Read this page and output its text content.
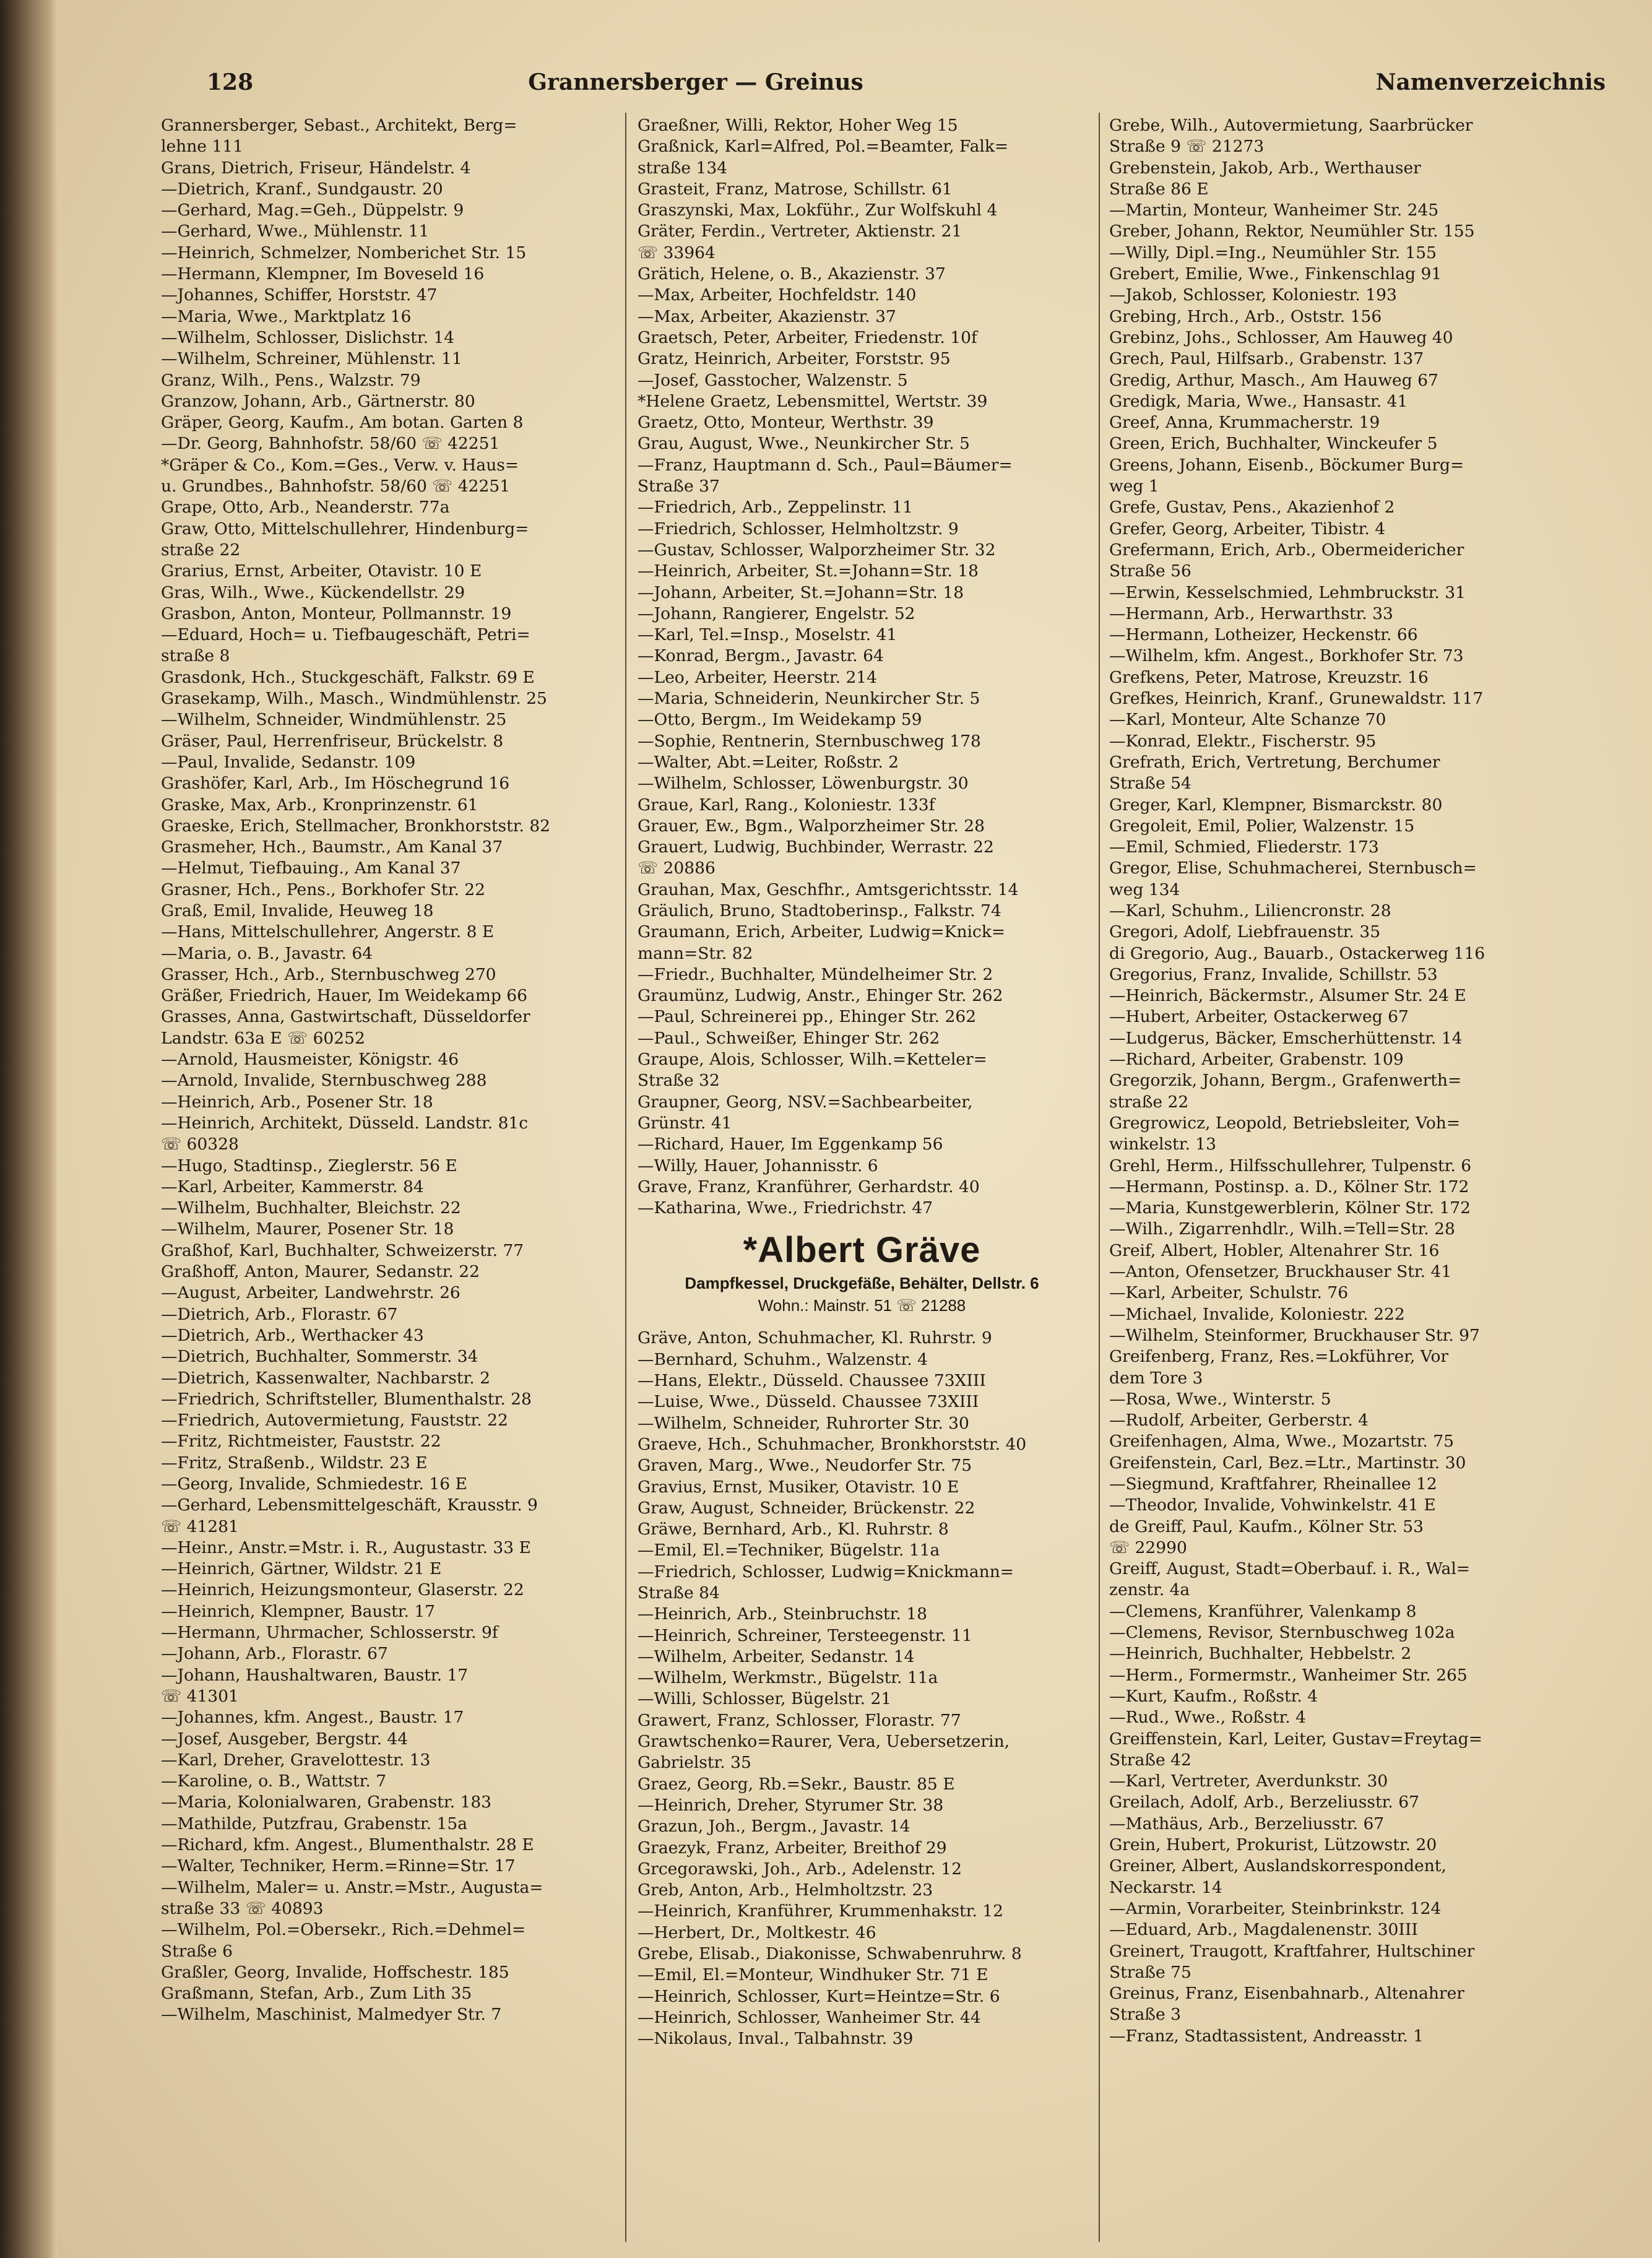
128	Grannersberger — Greinus	Namenverzeichnis
Grannersberger, Sebast., Architekt, Berg=
lehne 111
Grans, Dietrich, Friseur, Händelstr. 4
—Dietrich, Kranf., Sundgaustr. 20
—Gerhard, Mag.=Geh., Düppelstr. 9
—Gerhard, Wwe., Mühlenstr. 11
—Heinrich, Schmelzer, Nomberichet Str. 15
—Hermann, Klempner, Im Boveseld 16
—Johannes, Schiffer, Horststr. 47
—Maria, Wwe., Marktplatz 16
—Wilhelm, Schlosser, Dislichstr. 14
—Wilhelm, Schreiner, Mühlenstr. 11
Granz, Wilh., Pens., Walzstr. 79
Granzow, Johann, Arb., Gärtnerstr. 80
Gräper, Georg, Kaufm., Am botan. Garten 8
—Dr. Georg, Bahnhofstr. 58/60 ☏ 42251
*Gräper & Co., Kom.=Ges., Verw. v. Haus=
u. Grundbes., Bahnhofstr. 58/60 ☏ 42251
Grape, Otto, Arb., Neanderstr. 77a
Graw, Otto, Mittelschullehrer, Hindenburg=
straße 22
Grarius, Ernst, Arbeiter, Otavistr. 10 E
Gras, Wilh., Wwe., Kückendellstr. 29
Grasbon, Anton, Monteur, Pollmannstr. 19
—Eduard, Hoch= u. Tiefbaugeschäft, Petri=
straße 8
Grasdonk, Hch., Stuckgeschäft, Falkstr. 69 E
Grasekamp, Wilh., Masch., Windmühlenstr. 25
—Wilhelm, Schneider, Windmühlenstr. 25
Gräser, Paul, Herrenfriseur, Brückelstr. 8
—Paul, Invalide, Sedanstr. 109
Grashöfer, Karl, Arb., Im Höschegrund 16
Graske, Max, Arb., Kronprinzenstr. 61
Graeske, Erich, Stellmacher, Bronkhorststr. 82
Grasmeher, Hch., Baumstr., Am Kanal 37
—Helmut, Tiefbauing., Am Kanal 37
Grasner, Hch., Pens., Borkhofer Str. 22
Graß, Emil, Invalide, Heuweg 18
—Hans, Mittelschullehrer, Angerstr. 8 E
—Maria, o. B., Javastr. 64
Grasser, Hch., Arb., Sternbuschweg 270
Gräßer, Friedrich, Hauer, Im Weidekamp 66
Grasses, Anna, Gastwirtschaft, Düsseldorfer
Landstr. 63a E ☏ 60252
—Arnold, Hausmeister, Königstr. 46
—Arnold, Invalide, Sternbuschweg 288
—Heinrich, Arb., Posener Str. 18
—Heinrich, Architekt, Düsseld. Landstr. 81c
☏ 60328
—Hugo, Stadtinsp., Zieglerstr. 56 E
—Karl, Arbeiter, Kammerstr. 84
—Wilhelm, Buchhalter, Bleichstr. 22
—Wilhelm, Maurer, Posener Str. 18
Graßhof, Karl, Buchhalter, Schweizerstr. 77
Graßhoff, Anton, Maurer, Sedanstr. 22
—August, Arbeiter, Landwehrstr. 26
—Dietrich, Arb., Florastr. 67
—Dietrich, Arb., Werthacker 43
—Dietrich, Buchhalter, Sommerstr. 34
—Dietrich, Kassenwalter, Nachbarstr. 2
—Friedrich, Schriftsteller, Blumenthalstr. 28
—Friedrich, Autovermietung, Fauststr. 22
—Fritz, Richtmeister, Fauststr. 22
—Fritz, Straßenb., Wildstr. 23 E
—Georg, Invalide, Schmiedestr. 16 E
—Gerhard, Lebensmittelgeschäft, Krausstr. 9
☏ 41281
—Heinr., Anstr.=Mstr. i. R., Augustastr. 33 E
—Heinrich, Gärtner, Wildstr. 21 E
—Heinrich, Heizungsmonteur, Glaserstr. 22
—Heinrich, Klempner, Baustr. 17
—Hermann, Uhrmacher, Schlosserstr. 9f
—Johann, Arb., Florastr. 67
—Johann, Haushaltwaren, Baustr. 17
☏ 41301
—Johannes, kfm. Angest., Baustr. 17
—Josef, Ausgeber, Bergstr. 44
—Karl, Dreher, Gravelottestr. 13
—Karoline, o. B., Wattstr. 7
—Maria, Kolonialwaren, Grabenstr. 183
—Mathilde, Putzfrau, Grabenstr. 15a
—Richard, kfm. Angest., Blumenthalstr. 28 E
—Walter, Techniker, Herm.=Rinne=Str. 17
—Wilhelm, Maler= u. Anstr.=Mstr., Augusta=
straße 33 ☏ 40893
—Wilhelm, Pol.=Obersekr., Rich.=Dehmel=
Straße 6
Graßler, Georg, Invalide, Hoffschestr. 185
Graßmann, Stefan, Arb., Zum Lith 35
—Wilhelm, Maschinist, Malmedyer Str. 7
Graeßner, Willi, Rektor, Hoher Weg 15
Graßnick, Karl=Alfred, Pol.=Beamter, Falk=
straße 134
Grasteit, Franz, Matrose, Schillstr. 61
Graszynski, Max, Lokführ., Zur Wolfskuhl 4
Gräter, Ferdin., Vertreter, Aktienstr. 21
☏ 33964
Grätich, Helene, o. B., Akazienstr. 37
—Max, Arbeiter, Hochfeldstr. 140
—Max, Arbeiter, Akazienstr. 37
Graetsch, Peter, Arbeiter, Friedenstr. 10f
Gratz, Heinrich, Arbeiter, Forststr. 95
—Josef, Gasstocher, Walzenstr. 5
*Helene Graetz, Lebensmittel, Wertstr. 39
Graetz, Otto, Monteur, Werthstr. 39
Grau, August, Wwe., Neunkircher Str. 5
—Franz, Hauptmann d. Sch., Paul=Bäumer=
Straße 37
—Friedrich, Arb., Zeppelinstr. 11
—Friedrich, Schlosser, Helmholtzstr. 9
—Gustav, Schlosser, Walporzheimer Str. 32
—Heinrich, Arbeiter, St.=Johann=Str. 18
—Johann, Arbeiter, St.=Johann=Str. 18
—Johann, Rangierer, Engelstr. 52
—Karl, Tel.=Insp., Moselstr. 41
—Konrad, Bergm., Javastr. 64
—Leo, Arbeiter, Heerstr. 214
—Maria, Schneiderin, Neunkircher Str. 5
—Otto, Bergm., Im Weidekamp 59
—Sophie, Rentnerin, Sternbuschweg 178
—Walter, Abt.=Leiter, Roßstr. 2
—Wilhelm, Schlosser, Löwenburgstr. 30
Graue, Karl, Rang., Koloniestr. 133f
Grauer, Ew., Bgm., Walporzheimer Str. 28
Grauert, Ludwig, Buchbinder, Werrastr. 22
☏ 20886
Grauhan, Max, Geschfhr., Amtsgerichtsstr. 14
Gräulich, Bruno, Stadtoberinsp., Falkstr. 74
Graumann, Erich, Arbeiter, Ludwig=Knick=
mann=Str. 82
—Friedr., Buchhalter, Mündelheimer Str. 2
Graumünz, Ludwig, Anstr., Ehinger Str. 262
—Paul, Schreinerei pp., Ehinger Str. 262
—Paul., Schweißer, Ehinger Str. 262
Graupe, Alois, Schlosser, Wilh.=Ketteler=
Straße 32
Graupner, Georg, NSV.=Sachbearbeiter,
Grünstr. 41
—Richard, Hauer, Im Eggenkamp 56
—Willy, Hauer, Johannisstr. 6
Grave, Franz, Kranführer, Gerhardstr. 40
—Katharina, Wwe., Friedrichstr. 47
*Albert Gräve
Dampfkessel, Druckgefäße, Behälter, Dellstr. 6
Wohn.: Mainstr. 51 ☏ 21288
Gräve, Anton, Schuhmacher, Kl. Ruhrstr. 9
—Bernhard, Schuhm., Walzenstr. 4
—Hans, Elektr., Düsseld. Chaussee 73XIII
—Luise, Wwe., Düsseld. Chaussee 73XIII
—Wilhelm, Schneider, Ruhrorter Str. 30
Graeve, Hch., Schuhmacher, Bronkhorststr. 40
Graven, Marg., Wwe., Neudorfer Str. 75
Gravius, Ernst, Musiker, Otavistr. 10 E
Graw, August, Schneider, Brückenstr. 22
Gräwe, Bernhard, Arb., Kl. Ruhrstr. 8
—Emil, El.=Techniker, Bügelstr. 11a
—Friedrich, Schlosser, Ludwig=Knickmann=
Straße 84
—Heinrich, Arb., Steinbruchstr. 18
—Heinrich, Schreiner, Tersteegenstr. 11
—Wilhelm, Arbeiter, Sedanstr. 14
—Wilhelm, Werkmstr., Bügelstr. 11a
—Willi, Schlosser, Bügelstr. 21
Grawert, Franz, Schlosser, Florastr. 77
Grawtschenko=Raurer, Vera, Uebersetzerin,
Gabrielstr. 35
Graez, Georg, Rb.=Sekr., Baustr. 85 E
—Heinrich, Dreher, Styrumer Str. 38
Grazun, Joh., Bergm., Javastr. 14
Graezyk, Franz, Arbeiter, Breithof 29
Grcegorawski, Joh., Arb., Adelenstr. 12
Greb, Anton, Arb., Helmholtzstr. 23
—Heinrich, Kranführer, Krummenhakstr. 12
—Herbert, Dr., Moltkestr. 46
Grebe, Elisab., Diakonisse, Schwabenruhrw. 8
—Emil, El.=Monteur, Windhuker Str. 71 E
—Heinrich, Schlosser, Kurt=Heintze=Str. 6
—Heinrich, Schlosser, Wanheimer Str. 44
—Nikolaus, Inval., Talbahnstr. 39
Grebe, Wilh., Autovermietung, Saarbrücker
Straße 9 ☏ 21273
Grebenstein, Jakob, Arb., Werthauser
Straße 86 E
—Martin, Monteur, Wanheimer Str. 245
Greber, Johann, Rektor, Neumühler Str. 155
—Willy, Dipl.=Ing., Neumühler Str. 155
Grebert, Emilie, Wwe., Finkenschlag 91
—Jakob, Schlosser, Koloniestr. 193
Grebing, Hrch., Arb., Oststr. 156
Grebinz, Johs., Schlosser, Am Hauweg 40
Grech, Paul, Hilfsarb., Grabenstr. 137
Gredig, Arthur, Masch., Am Hauweg 67
Gredigk, Maria, Wwe., Hansastr. 41
Greef, Anna, Krummacherstr. 19
Green, Erich, Buchhalter, Winckeufer 5
Greens, Johann, Eisenb., Böckumer Burg=
weg 1
Grefe, Gustav, Pens., Akazienhof 2
Grefer, Georg, Arbeiter, Tibistr. 4
Grefermann, Erich, Arb., Obermeidericher
Straße 56
—Erwin, Kesselschmied, Lehmbruckstr. 31
—Hermann, Arb., Herwarthstr. 33
—Hermann, Lotheizer, Heckenstr. 66
—Wilhelm, kfm. Angest., Borkhofer Str. 73
Grefkens, Peter, Matrose, Kreuzstr. 16
Grefkes, Heinrich, Kranf., Grunewaldstr. 117
—Karl, Monteur, Alte Schanze 70
—Konrad, Elektr., Fischerstr. 95
Grefrath, Erich, Vertretung, Berchumer
Straße 54
Greger, Karl, Klempner, Bismarckstr. 80
Gregoleit, Emil, Polier, Walzenstr. 15
—Emil, Schmied, Fliederstr. 173
Gregor, Elise, Schuhmacherei, Sternbusch=
weg 134
—Karl, Schuhm., Liliencronstr. 28
Gregori, Adolf, Liebfrauenstr. 35
di Gregorio, Aug., Bauarb., Ostackerweg 116
Gregorius, Franz, Invalide, Schillstr. 53
—Heinrich, Bäckermstr., Alsumer Str. 24 E
—Hubert, Arbeiter, Ostackerweg 67
—Ludgerus, Bäcker, Emscherhüttenstr. 14
—Richard, Arbeiter, Grabenstr. 109
Gregorzik, Johann, Bergm., Grafenwerth=
straße 22
Gregrowicz, Leopold, Betriebsleiter, Voh=
winkelstr. 13
Grehl, Herm., Hilfsschullehrer, Tulpenstr. 6
—Hermann, Postinsp. a. D., Kölner Str. 172
—Maria, Kunstgewerblerin, Kölner Str. 172
—Wilh., Zigarrenhdlr., Wilh.=Tell=Str. 28
Greif, Albert, Hobler, Altenahrer Str. 16
—Anton, Ofensetzer, Bruckhauser Str. 41
—Karl, Arbeiter, Schulstr. 76
—Michael, Invalide, Koloniestr. 222
—Wilhelm, Steinformer, Bruckhauser Str. 97
Greifenberg, Franz, Res.=Lokführer, Vor
dem Tore 3
—Rosa, Wwe., Winterstr. 5
—Rudolf, Arbeiter, Gerberstr. 4
Greifenhagen, Alma, Wwe., Mozartstr. 75
Greifenstein, Carl, Bez.=Ltr., Martinstr. 30
—Siegmund, Kraftfahrer, Rheinallee 12
—Theodor, Invalide, Vohwinkelstr. 41 E
de Greiff, Paul, Kaufm., Kölner Str. 53
☏ 22990
Greiff, August, Stadt=Oberbauf. i. R., Wal=
zenstr. 4a
—Clemens, Kranführer, Valenkamp 8
—Clemens, Revisor, Sternbuschweg 102a
—Heinrich, Buchhalter, Hebbelstr. 2
—Herm., Formermstr., Wanheimer Str. 265
—Kurt, Kaufm., Roßstr. 4
—Rud., Wwe., Roßstr. 4
Greiffenstein, Karl, Leiter, Gustav=Freytag=
Straße 42
—Karl, Vertreter, Averdunkstr. 30
Greilach, Adolf, Arb., Berzeliusstr. 67
—Mathäus, Arb., Berzeliusstr. 67
Grein, Hubert, Prokurist, Lützowstr. 20
Greiner, Albert, Auslandskorrespondent,
Neckarstr. 14
—Armin, Vorarbeiter, Steinbrinkstr. 124
—Eduard, Arb., Magdalenenstr. 30III
Greinert, Traugott, Kraftfahrer, Hultschiner
Straße 75
Greinus, Franz, Eisenbahnarb., Altenahrer
Straße 3
—Franz, Stadtassistent, Andreasstr. 1
